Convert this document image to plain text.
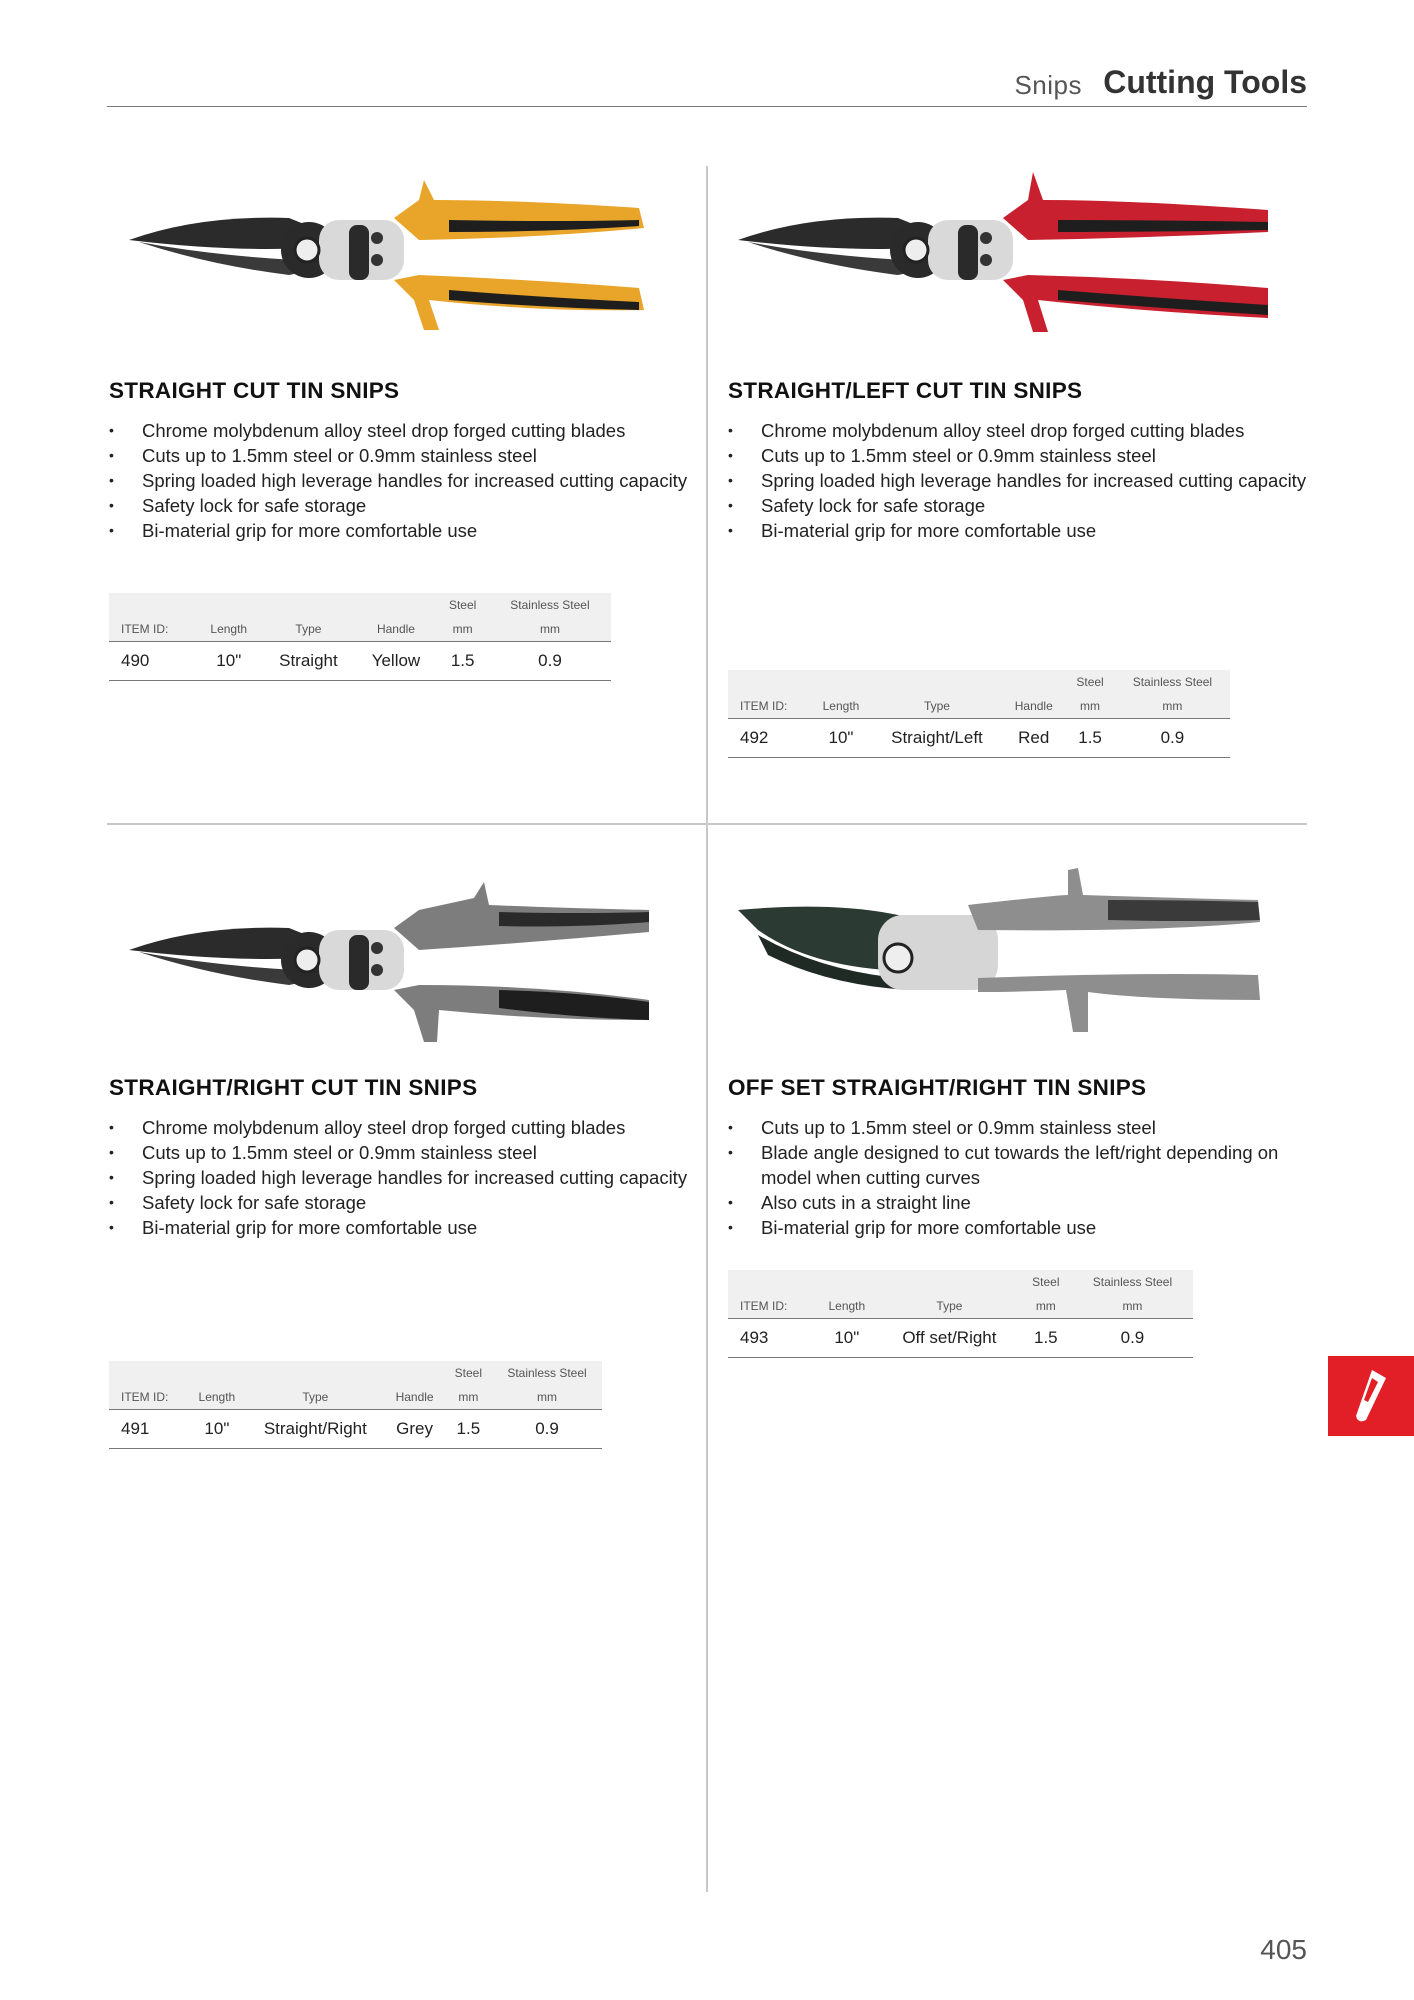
Snips Cutting Tools
STRAIGHT CUT TIN SNIPS
• Chrome molybdenum alloy steel drop forged cutting blades
• Cuts up to 1.5mm steel or 0.9mm stainless steel
• Spring loaded high leverage handles for increased cutting capacity
• Safety lock for safe storage
• Bi-material grip for more comfortable use
				Steel	Stainless Steel
ITEM ID:	Length	Type	Handle	mm	mm
490	10"	Straight	Yellow	1.5	0.9
STRAIGHT/LEFT CUT TIN SNIPS
• Chrome molybdenum alloy steel drop forged cutting blades
• Cuts up to 1.5mm steel or 0.9mm stainless steel
• Spring loaded high leverage handles for increased cutting capacity
• Safety lock for safe storage
• Bi-material grip for more comfortable use
				Steel	Stainless Steel
ITEM ID:	Length	Type	Handle	mm	mm
492	10"	Straight/Left	Red	1.5	0.9
STRAIGHT/RIGHT CUT TIN SNIPS
• Chrome molybdenum alloy steel drop forged cutting blades
• Cuts up to 1.5mm steel or 0.9mm stainless steel
• Spring loaded high leverage handles for increased cutting capacity
• Safety lock for safe storage
• Bi-material grip for more comfortable use
				Steel	Stainless Steel
ITEM ID:	Length	Type	Handle	mm	mm
491	10"	Straight/Right	Grey	1.5	0.9
OFF SET STRAIGHT/RIGHT TIN SNIPS
• Cuts up to 1.5mm steel or 0.9mm stainless steel
• Blade angle designed to cut towards the left/right depending on model when cutting curves
• Also cuts in a straight line
• Bi-material grip for more comfortable use
			Steel	Stainless Steel
ITEM ID:	Length	Type	mm	mm
493	10"	Off set/Right	1.5	0.9
405
